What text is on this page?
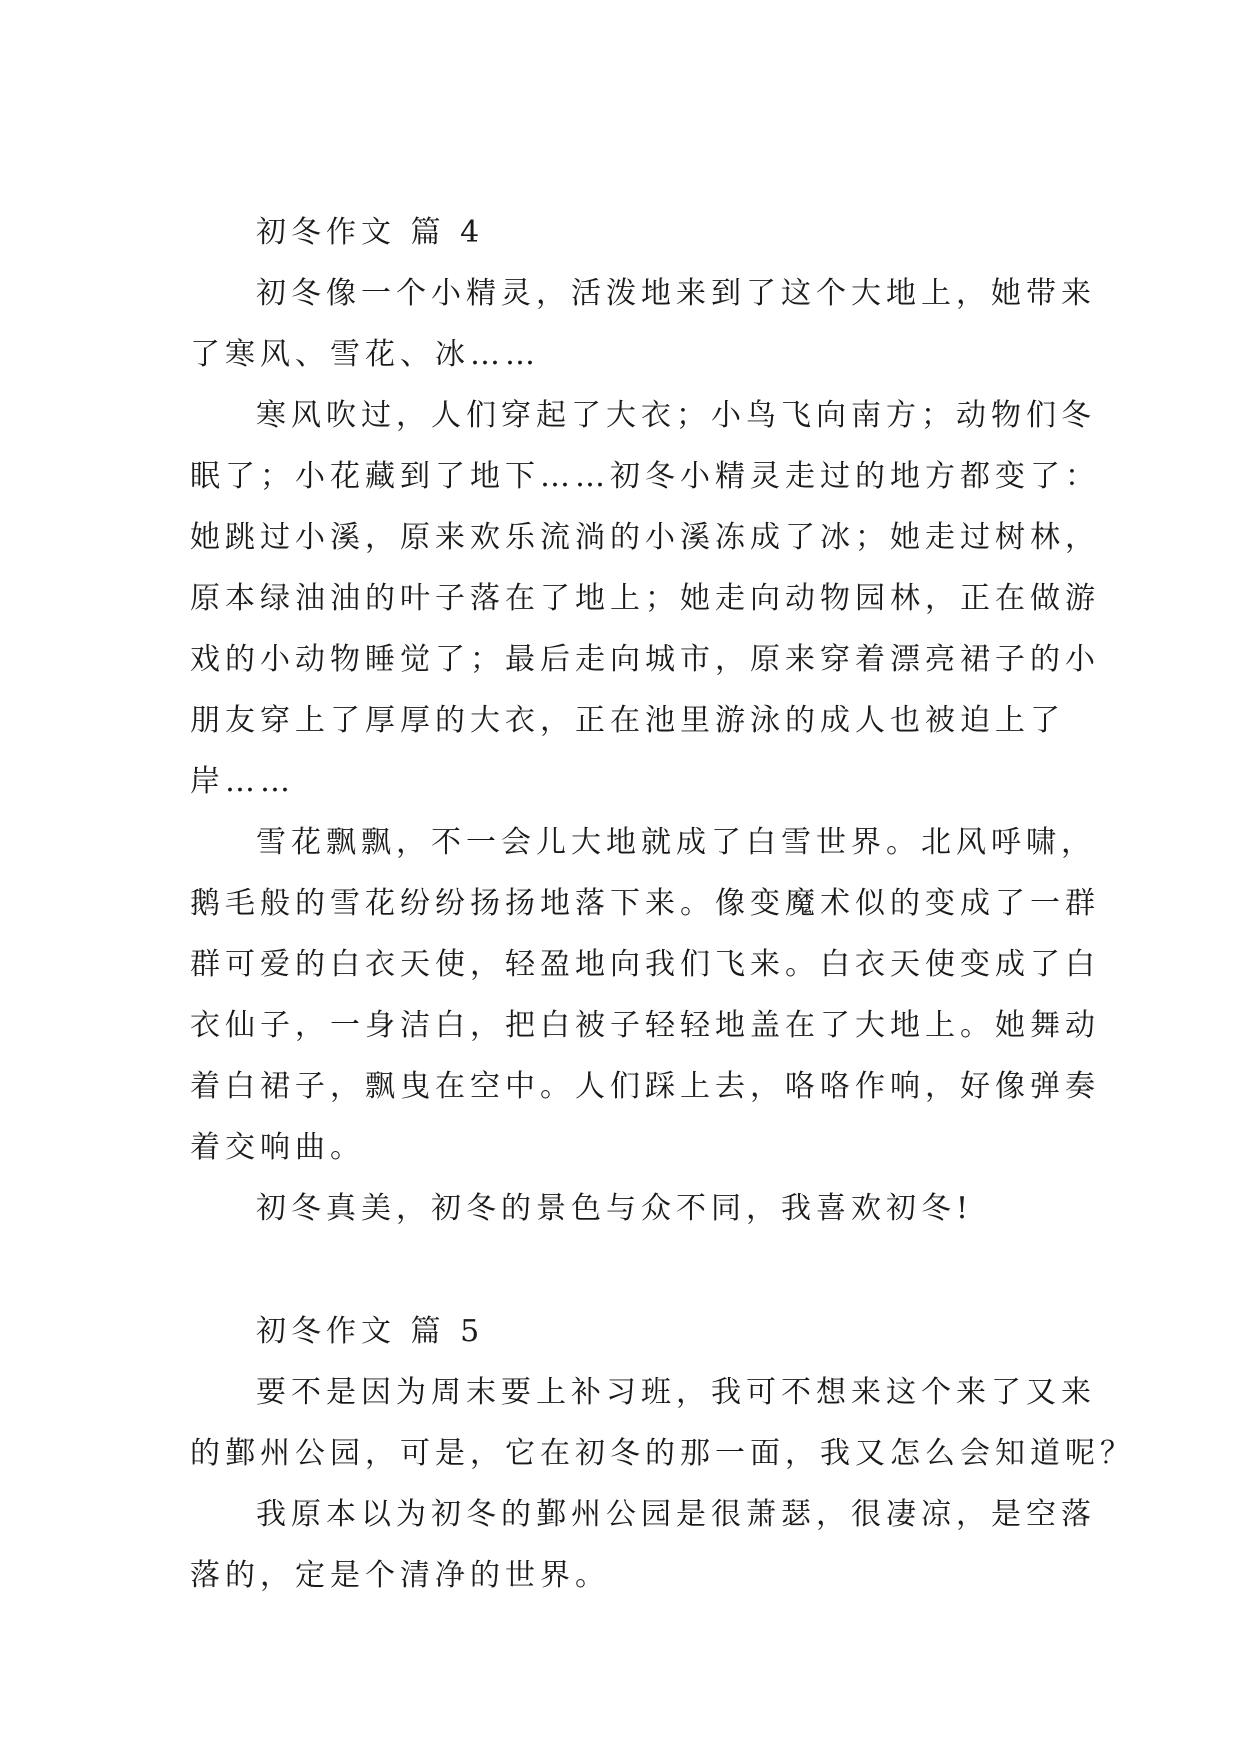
初冬作文 篇 4
初冬像一个小精灵，活泼地来到了这个大地上，她带来
了寒风、雪花、冰……
寒风吹过，人们穿起了大衣；小鸟飞向南方；动物们冬
眠了；小花藏到了地下……初冬小精灵走过的地方都变了：
她跳过小溪，原来欢乐流淌的小溪冻成了冰；她走过树林，
原本绿油油的叶子落在了地上；她走向动物园林，正在做游
戏的小动物睡觉了；最后走向城市，原来穿着漂亮裙子的小
朋友穿上了厚厚的大衣，正在池里游泳的成人也被迫上了
岸……
雪花飘飘，不一会儿大地就成了白雪世界。北风呼啸，
鹅毛般的雪花纷纷扬扬地落下来。像变魔术似的变成了一群
群可爱的白衣天使，轻盈地向我们飞来。白衣天使变成了白
衣仙子，一身洁白，把白被子轻轻地盖在了大地上。她舞动
着白裙子，飘曳在空中。人们踩上去，咯咯作响，好像弹奏
着交响曲。
初冬真美，初冬的景色与众不同，我喜欢初冬!
初冬作文 篇 5
要不是因为周末要上补习班，我可不想来这个来了又来
的鄞州公园，可是，它在初冬的那一面，我又怎么会知道呢？
我原本以为初冬的鄞州公园是很萧瑟，很凄凉，是空落
落的，定是个清净的世界。
